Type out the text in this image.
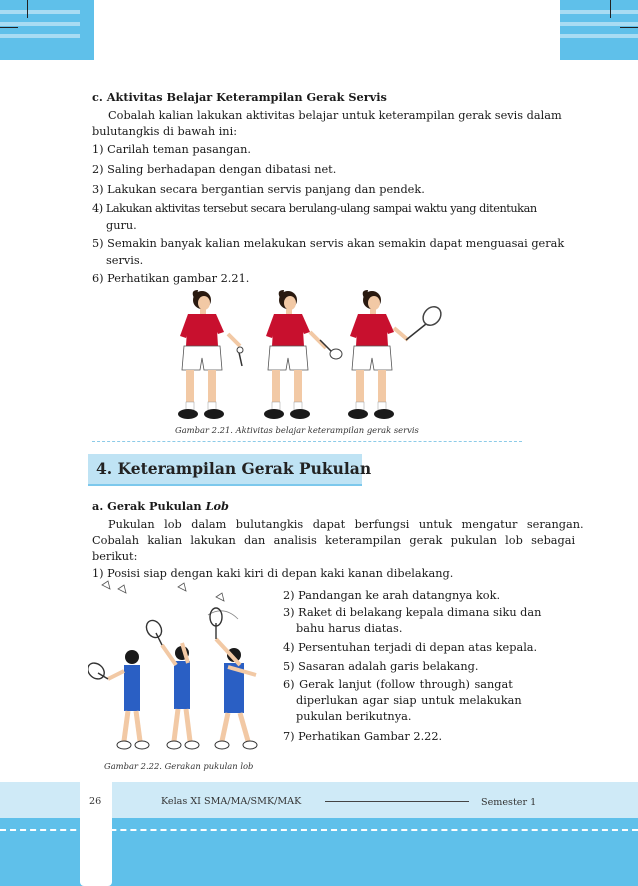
c. Aktivitas Belajar Keterampilan Gerak Servis
Cobalah kalian lakukan aktivitas belajar untuk keterampilan gerak sevis dalam
bulutangkis di bawah ini:
1) Carilah teman pasangan.
2) Saling berhadapan dengan dibatasi net.
3) Lakukan secara bergantian servis panjang dan pendek.
4) Lakukan aktivitas tersebut secara berulang-ulang sampai waktu yang ditentukan
guru.
5) Semakin banyak kalian melakukan servis akan semakin dapat menguasai gerak
servis.
6) Perhatikan gambar 2.21.
Gambar 2.21. Aktivitas belajar keterampilan gerak servis
4. Keterampilan Gerak Pukulan
a. Gerak Pukulan Lob
Pukulan lob dalam bulutangkis dapat berfungsi untuk mengatur serangan.
Cobalah kalian lakukan dan analisis keterampilan gerak pukulan lob sebagai
berikut:
1) Posisi siap dengan kaki kiri di depan kaki kanan dibelakang.
2) Pandangan ke arah datangnya kok.
3) Raket di belakang kepala dimana siku dan
bahu harus diatas.
4) Persentuhan terjadi di depan atas kepala.
5) Sasaran adalah garis belakang.
6) Gerak lanjut (follow through) sangat
diperlukan agar siap untuk melakukan
pukulan berikutnya.
7) Perhatikan Gambar 2.22.
Gambar 2.22. Gerakan pukulan lob
26	Kelas XI SMA/MA/SMK/MAK	Semester 1
